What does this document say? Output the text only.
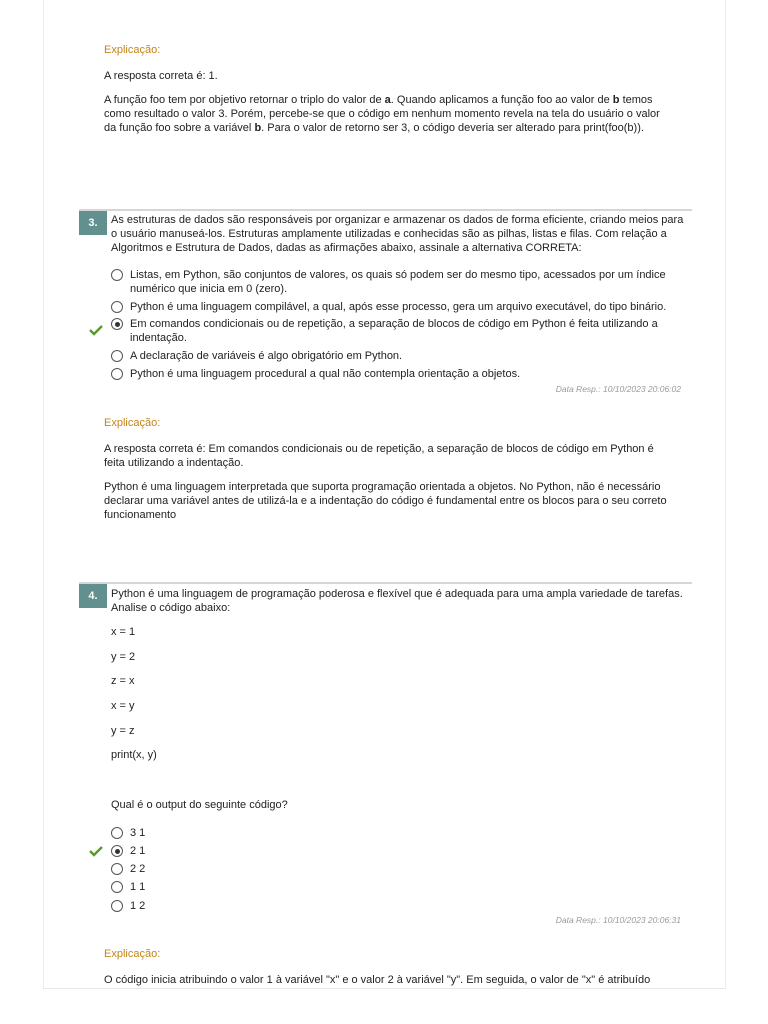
Explicação:

A resposta correta é: 1.

A função foo tem por objetivo retornar o triplo do valor de a. Quando aplicamos a função foo ao valor de b temos como resultado o valor 3. Porém, percebe-se que o código em nenhum momento revela na tela do usuário o valor da função foo sobre a variável b. Para o valor de retorno ser 3, o código deveria ser alterado para print(foo(b)).

3.	As estruturas de dados são responsáveis por organizar e armazenar os dados de forma eficiente, criando meios para o usuário manuseá-los. Estruturas amplamente utilizadas e conhecidas são as pilhas, listas e filas. Com relação a Algoritmos e Estrutura de Dados, dadas as afirmações abaixo, assinale a alternativa CORRETA:
Listas, em Python, são conjuntos de valores, os quais só podem ser do mesmo tipo, acessados por um índice numérico que inicia em 0 (zero).
Python é uma linguagem compilável, a qual, após esse processo, gera um arquivo executável, do tipo binário.
Em comandos condicionais ou de repetição, a separação de blocos de código em Python é feita utilizando a indentação.
A declaração de variáveis é algo obrigatório em Python.
Python é uma linguagem procedural a qual não contempla orientação a objetos.
Data Resp.: 10/10/2023 20:06:02
Explicação:

A resposta correta é: Em comandos condicionais ou de repetição, a separação de blocos de código em Python é feita utilizando a indentação.

Python é uma linguagem interpretada que suporta programação orientada a objetos. No Python, não é necessário declarar uma variável antes de utilizá-la e a indentação do código é fundamental entre os blocos para o seu correto funcionamento

4.	Python é uma linguagem de programação poderosa e flexível que é adequada para uma ampla variedade de tarefas. Analise o código abaixo:
x = 1
y = 2
z = x
x = y
y = z
print(x, y)
Qual é o output do seguinte código?
3 1
2 1
2 2
1 1
1 2
Data Resp.: 10/10/2023 20:06:31
Explicação:

O código inicia atribuindo o valor 1 à variável "x" e o valor 2 à variável "y". Em seguida, o valor de "x" é atribuído
